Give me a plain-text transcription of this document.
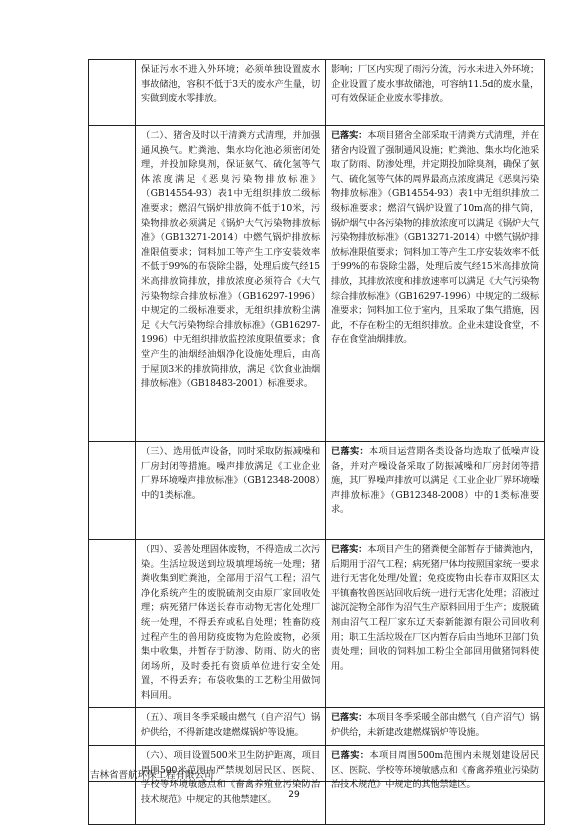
保证污水不进入外环境；必须单独设置废水事故储池，容积不低于3天的废水产生量，切实做到废水零排放。
影响；厂区内实现了雨污分流，污水未进入外环境；企业设置了废水事故储池，可容纳11.5d的废水量，可有效保证企业废水零排放。
（二）、猪舍及时以干清粪方式清理，并加强通风换气。贮粪池、集水均化池必须密闭处理，并投加除臭剂，保证氨气、硫化氢等气体浓度满足《恶臭污染物排放标准》（GB14554-93）表1中无组织排放二级标准要求；燃沼气锅炉排放筒不低于10米，污染物排放必须满足《锅炉大气污染物排放标准》（GB13271-2014）中燃气锅炉排放标准限值要求；饲料加工等产生工序安装效率不低于99%的布袋除尘器，处理后废气经15米高排放筒排放，排放浓度必须符合《大气污染物综合排放标准》（GB16297-1996）中规定的二级标准要求，无组织排放粉尘满足《大气污染物综合排放标准》（GB16297-1996）中无组织排放监控浓度限值要求；食堂产生的油烟经油烟净化设施处理后，由高于屋顶3米的排放筒排放，满足《饮食业油烟排放标准》（GB18483-2001）标准要求。
已落实：本项目猪舍全部采取干清粪方式清理，并在猪舍内设置了强制通风设施；贮粪池、集水均化池采取了防雨、防渗处理，并定期投加除臭剂，确保了氨气、硫化氢等气体的周界最高点浓度满足《恶臭污染物排放标准》（GB14554-93）表1中无组织排放二级标准要求；燃沼气锅炉设置了10m高的排气筒，锅炉烟气中各污染物的排放浓度可以满足《锅炉大气污染物排放标准》（GB13271-2014）中燃气锅炉排放标准限值要求；饲料加工等产生工序安装效率不低于99%的布袋除尘器，处理后废气经15米高排放筒排放，其排放浓度和排放速率可以满足《大气污染物综合排放标准》（GB16297-1996）中规定的二级标准要求；饲料加工位于室内，且采取了集气措施，因此，不存在粉尘的无组织排放。企业未建设食堂，不存在食堂油烟排放。
（三）、选用低声设备，同时采取防振减噪和厂房封闭等措施。噪声排放满足《工业企业厂界环境噪声排放标准》（GB12348-2008）中的1类标准。
已落实：本项目运营期各类设备均选取了低噪声设备，并对产噪设备采取了防振减噪和厂房封闭等措施，其厂界噪声排放可以满足《工业企业厂界环境噪声排放标准》（GB12348-2008）中的1类标准要求。
（四）、妥善处理固体废物，不得造成二次污染。生活垃圾送到垃圾填埋场统一处理；猪粪收集到贮粪池，全部用于沼气工程；沼气净化系统产生的废脱硫剂交由原厂家回收处理；病死猪尸体送长春市动物无害化处理厂统一处理，不得丢弃或私自处理；牲畜防疫过程产生的兽用防疫废物为危险废物，必须集中收集，并暂存于防渗、防雨、防火的密闭场所，及时委托有资质单位进行安全处置，不得丢弃；布袋收集的工艺粉尘用做饲料回用。
已落实：本项目产生的猪粪便全部暂存于储粪池内，后期用于沼气工程；病死猪尸体均按照国家统一要求进行无害化处理/处置；免疫废物由长春市双阳区太平镇畜牧兽医站回收后统一进行无害化处理；沼液过滤沉淀物全部作为沼气生产原料回用于生产；废脱硫剂由沼气工程厂家东辽天泰新能源有限公司回收利用；职工生活垃圾在厂区内暂存后由当地环卫部门负责处理；回收的饲料加工粉尘全部回用做猪饲料使用。
（五）、项目冬季采暖由燃气（自产沼气）锅炉供给，不得新建改建燃煤锅炉等设施。
已落实：本项目冬季采暖全部由燃气（自产沼气）锅炉供给，未新建改建燃煤锅炉等设施。
（六）、项目设置500米卫生防护距离，项目周围500米范围内严禁规划居民区、医院、学校等环境敏感点和《畜禽养殖业污染防治技术规范》中规定的其他禁建区。
已落实：本项目周围500m范围内未规划建设居民区、医院、学校等环境敏感点和《畜禽养殖业污染防治技术规范》中规定的其他禁建区。
吉林省晋航环保工程有限公司
29
